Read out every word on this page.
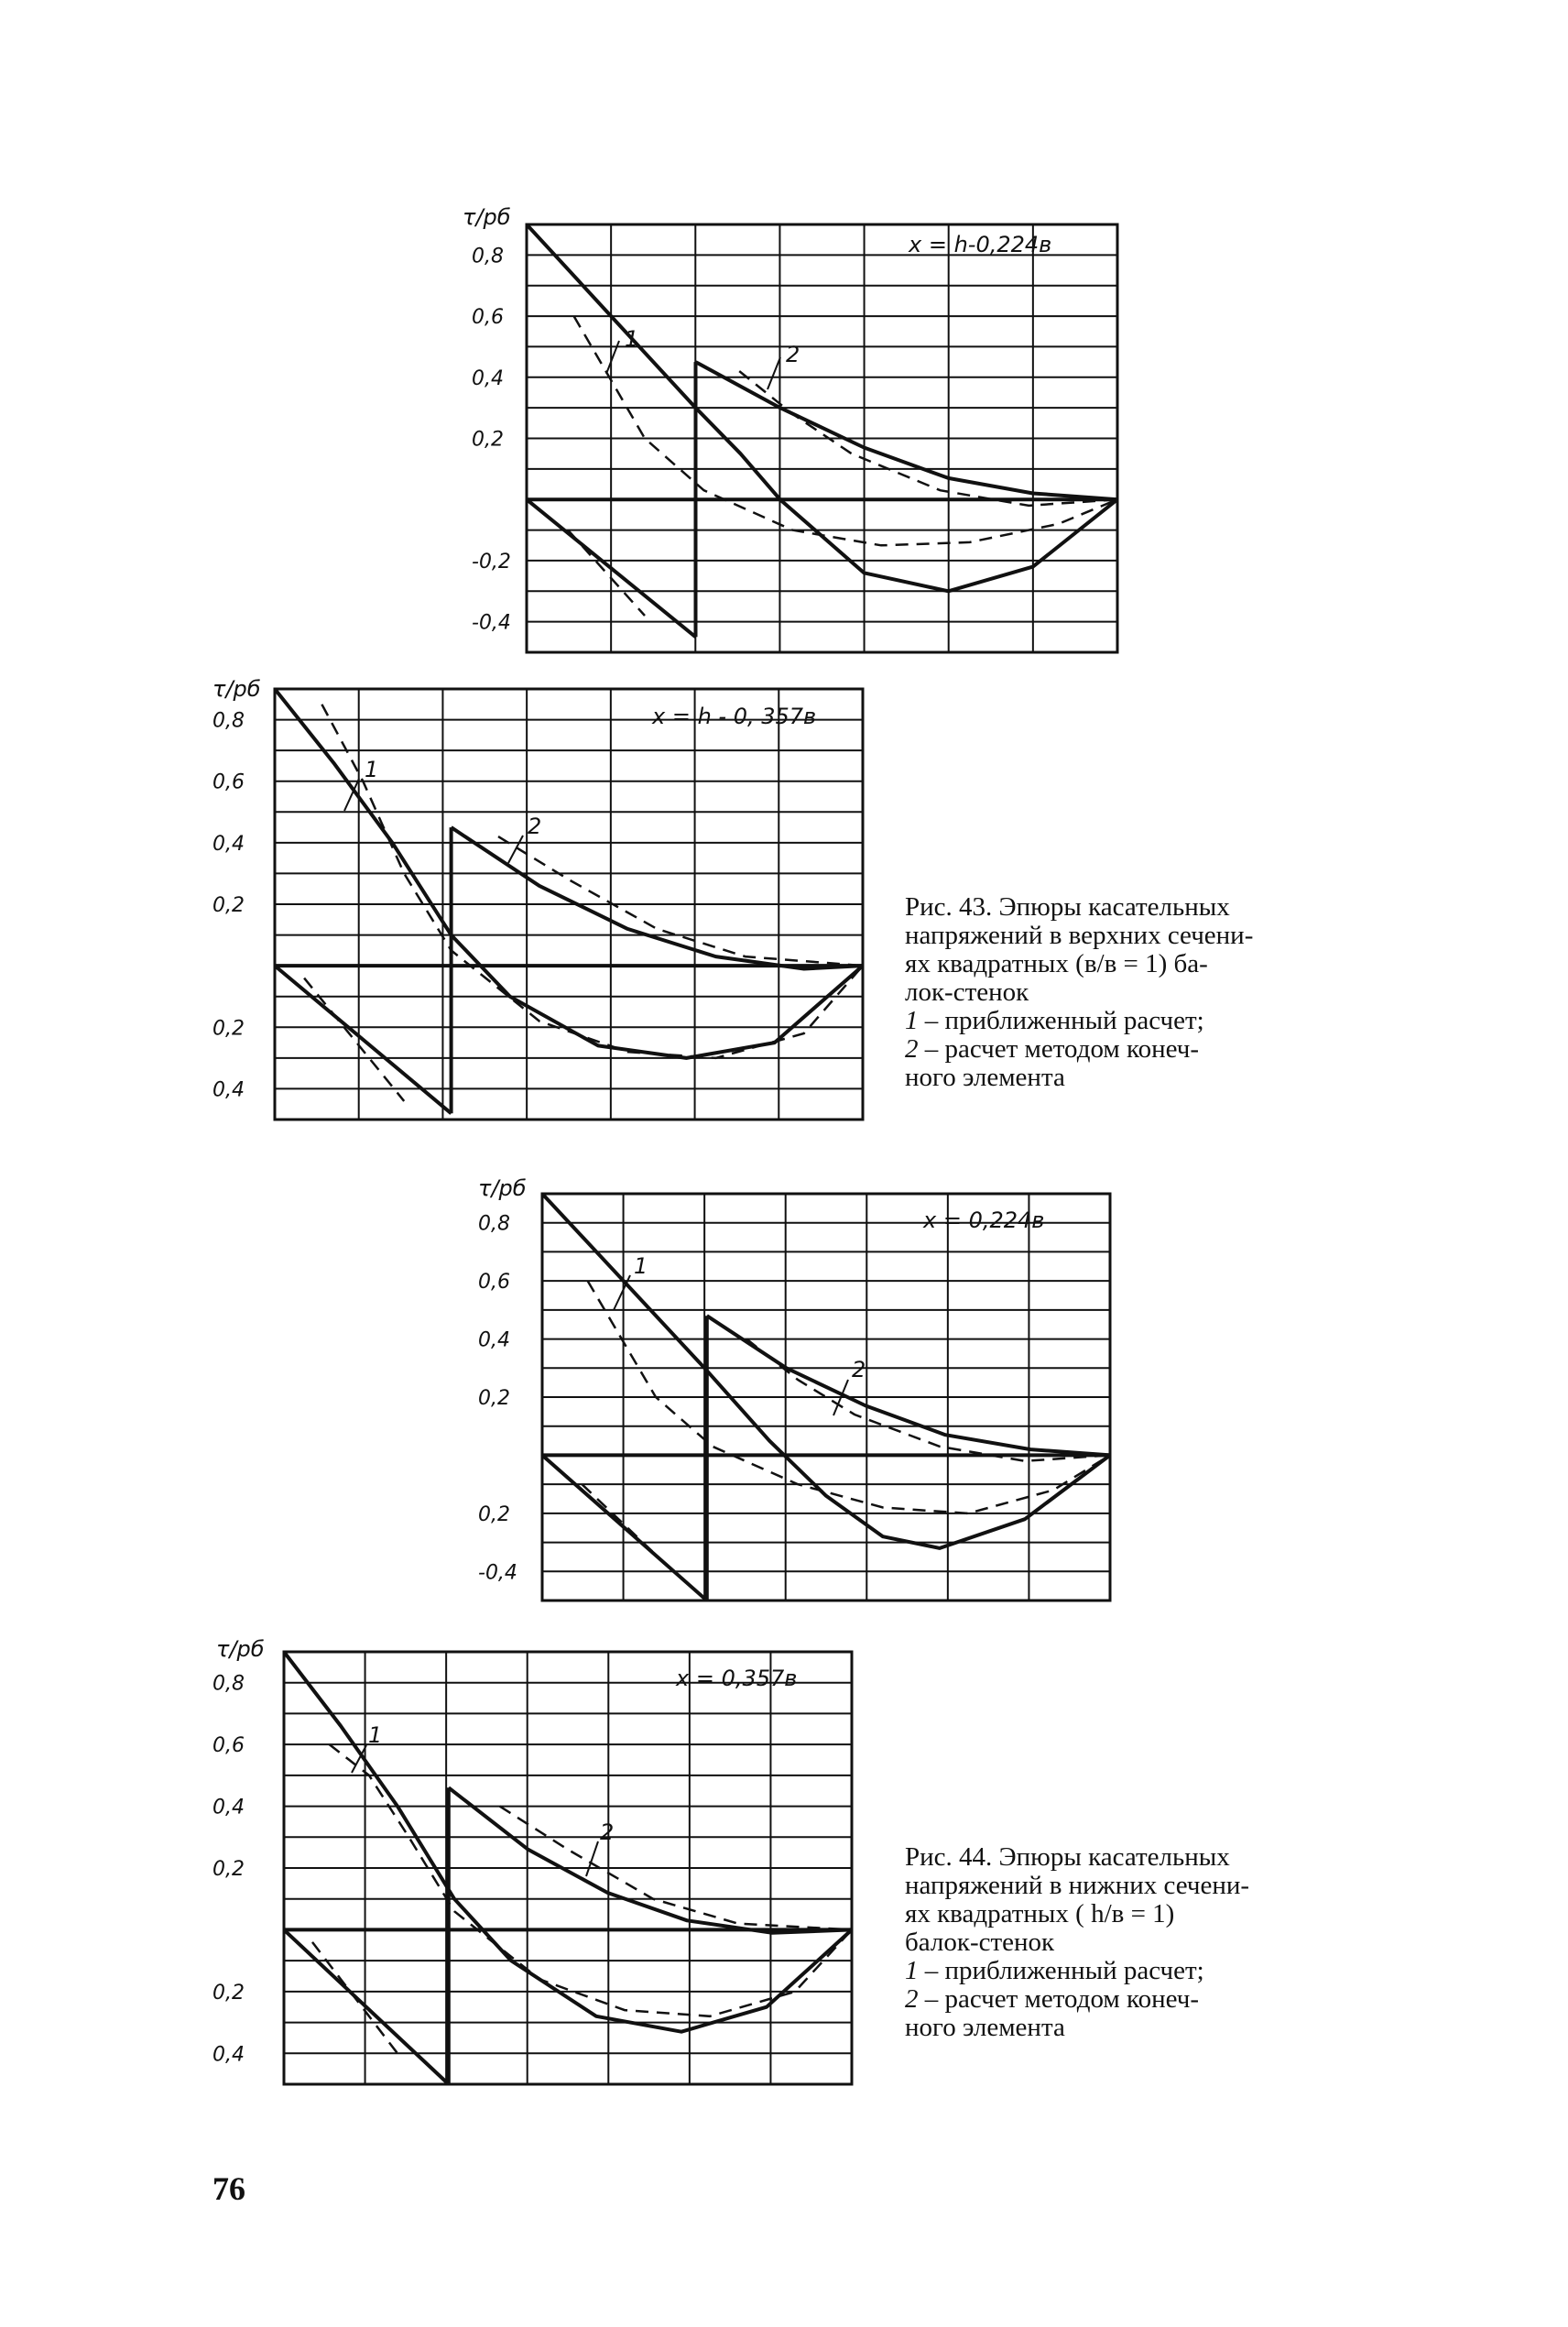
τ/pб
x = h-0,224в
0,8
0,6
0,4
0,2
-0,2
-0,4
1
2
τ/pб
x = h - 0, 357в
0,8
0,6
0,4
0,2
0,2
0,4
1
2
τ/pб
x = 0,224в
0,8
0,6
0,4
0,2
0,2
-0,4
1
2
τ/pб
x = 0,357в
0,8
0,6
0,4
0,2
0,2
0,4
1
2

Рис. 43. Эпюры касательных

напряжений в верхних сечени-

ях квадратных (в/в = 1) ба-

лок-стенок

1 – приближенный расчет;

2 – расчет методом конеч-

ного элемента

Рис. 44. Эпюры касательных

напряжений в нижних сечени-

ях квадратных ( h/в = 1)

балок-стенок

1 – приближенный расчет;

2 – расчет методом конеч-

ного элемента

76
